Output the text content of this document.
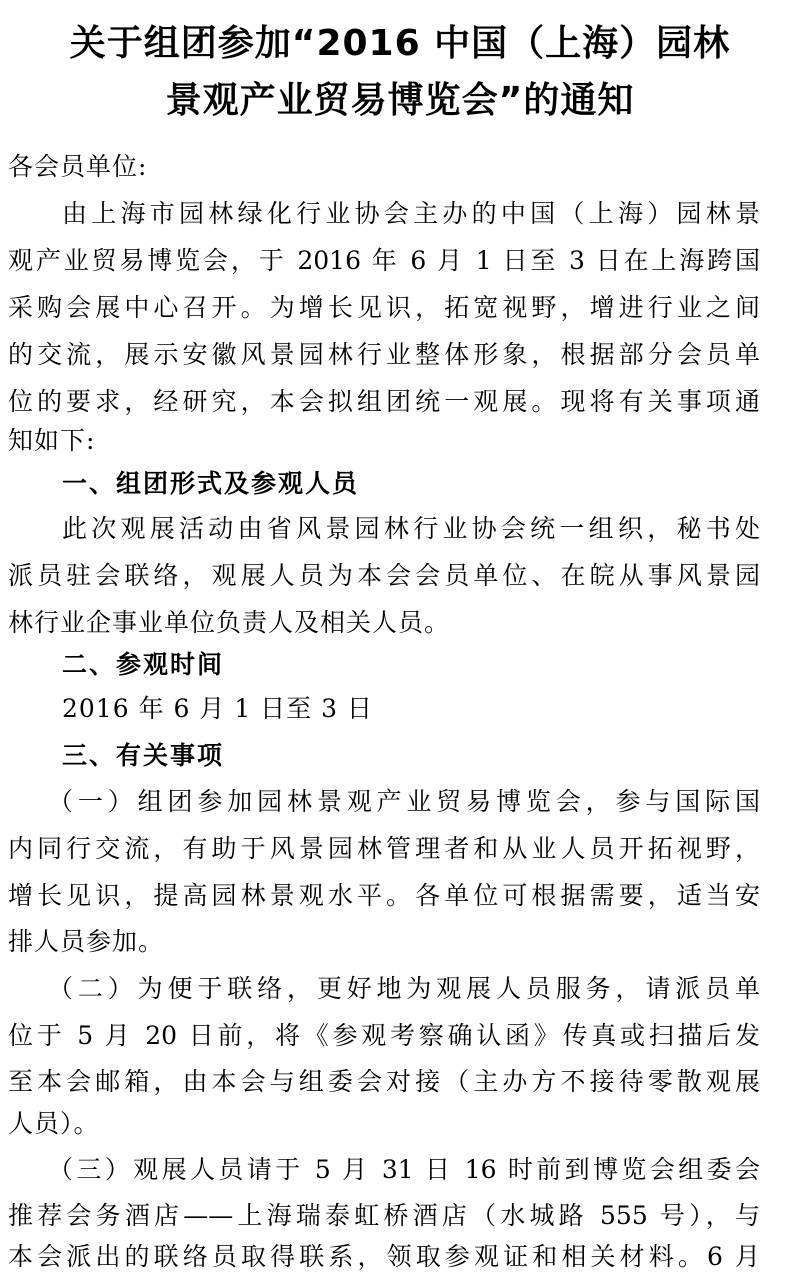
关于组团参加“2016 中国（上海）园林
景观产业贸易博览会”的通知
各会员单位:
由上海市园林绿化行业协会主办的中国（上海）园林景
观产业贸易博览会，于 2016 年 6 月 1 日至 3 日在上海跨国
采购会展中心召开。为增长见识，拓宽视野，增进行业之间
的交流，展示安徽风景园林行业整体形象，根据部分会员单
位的要求，经研究，本会拟组团统一观展。现将有关事项通
知如下:
一、组团形式及参观人员
此次观展活动由省风景园林行业协会统一组织，秘书处
派员驻会联络，观展人员为本会会员单位、在皖从事风景园
林行业企事业单位负责人及相关人员。
二、参观时间
2016 年 6 月 1 日至 3 日
三、有关事项
（一）组团参加园林景观产业贸易博览会，参与国际国
内同行交流，有助于风景园林管理者和从业人员开拓视野，
增长见识，提高园林景观水平。各单位可根据需要，适当安
排人员参加。
（二）为便于联络，更好地为观展人员服务，请派员单
位于 5 月 20 日前，将《参观考察确认函》传真或扫描后发
至本会邮箱，由本会与组委会对接（主办方不接待零散观展
人员）。
（三）观展人员请于 5 月 31 日 16 时前到博览会组委会
推荐会务酒店——上海瑞泰虹桥酒店（水城路 555 号），与
本会派出的联络员取得联系，领取参观证和相关材料。6 月
